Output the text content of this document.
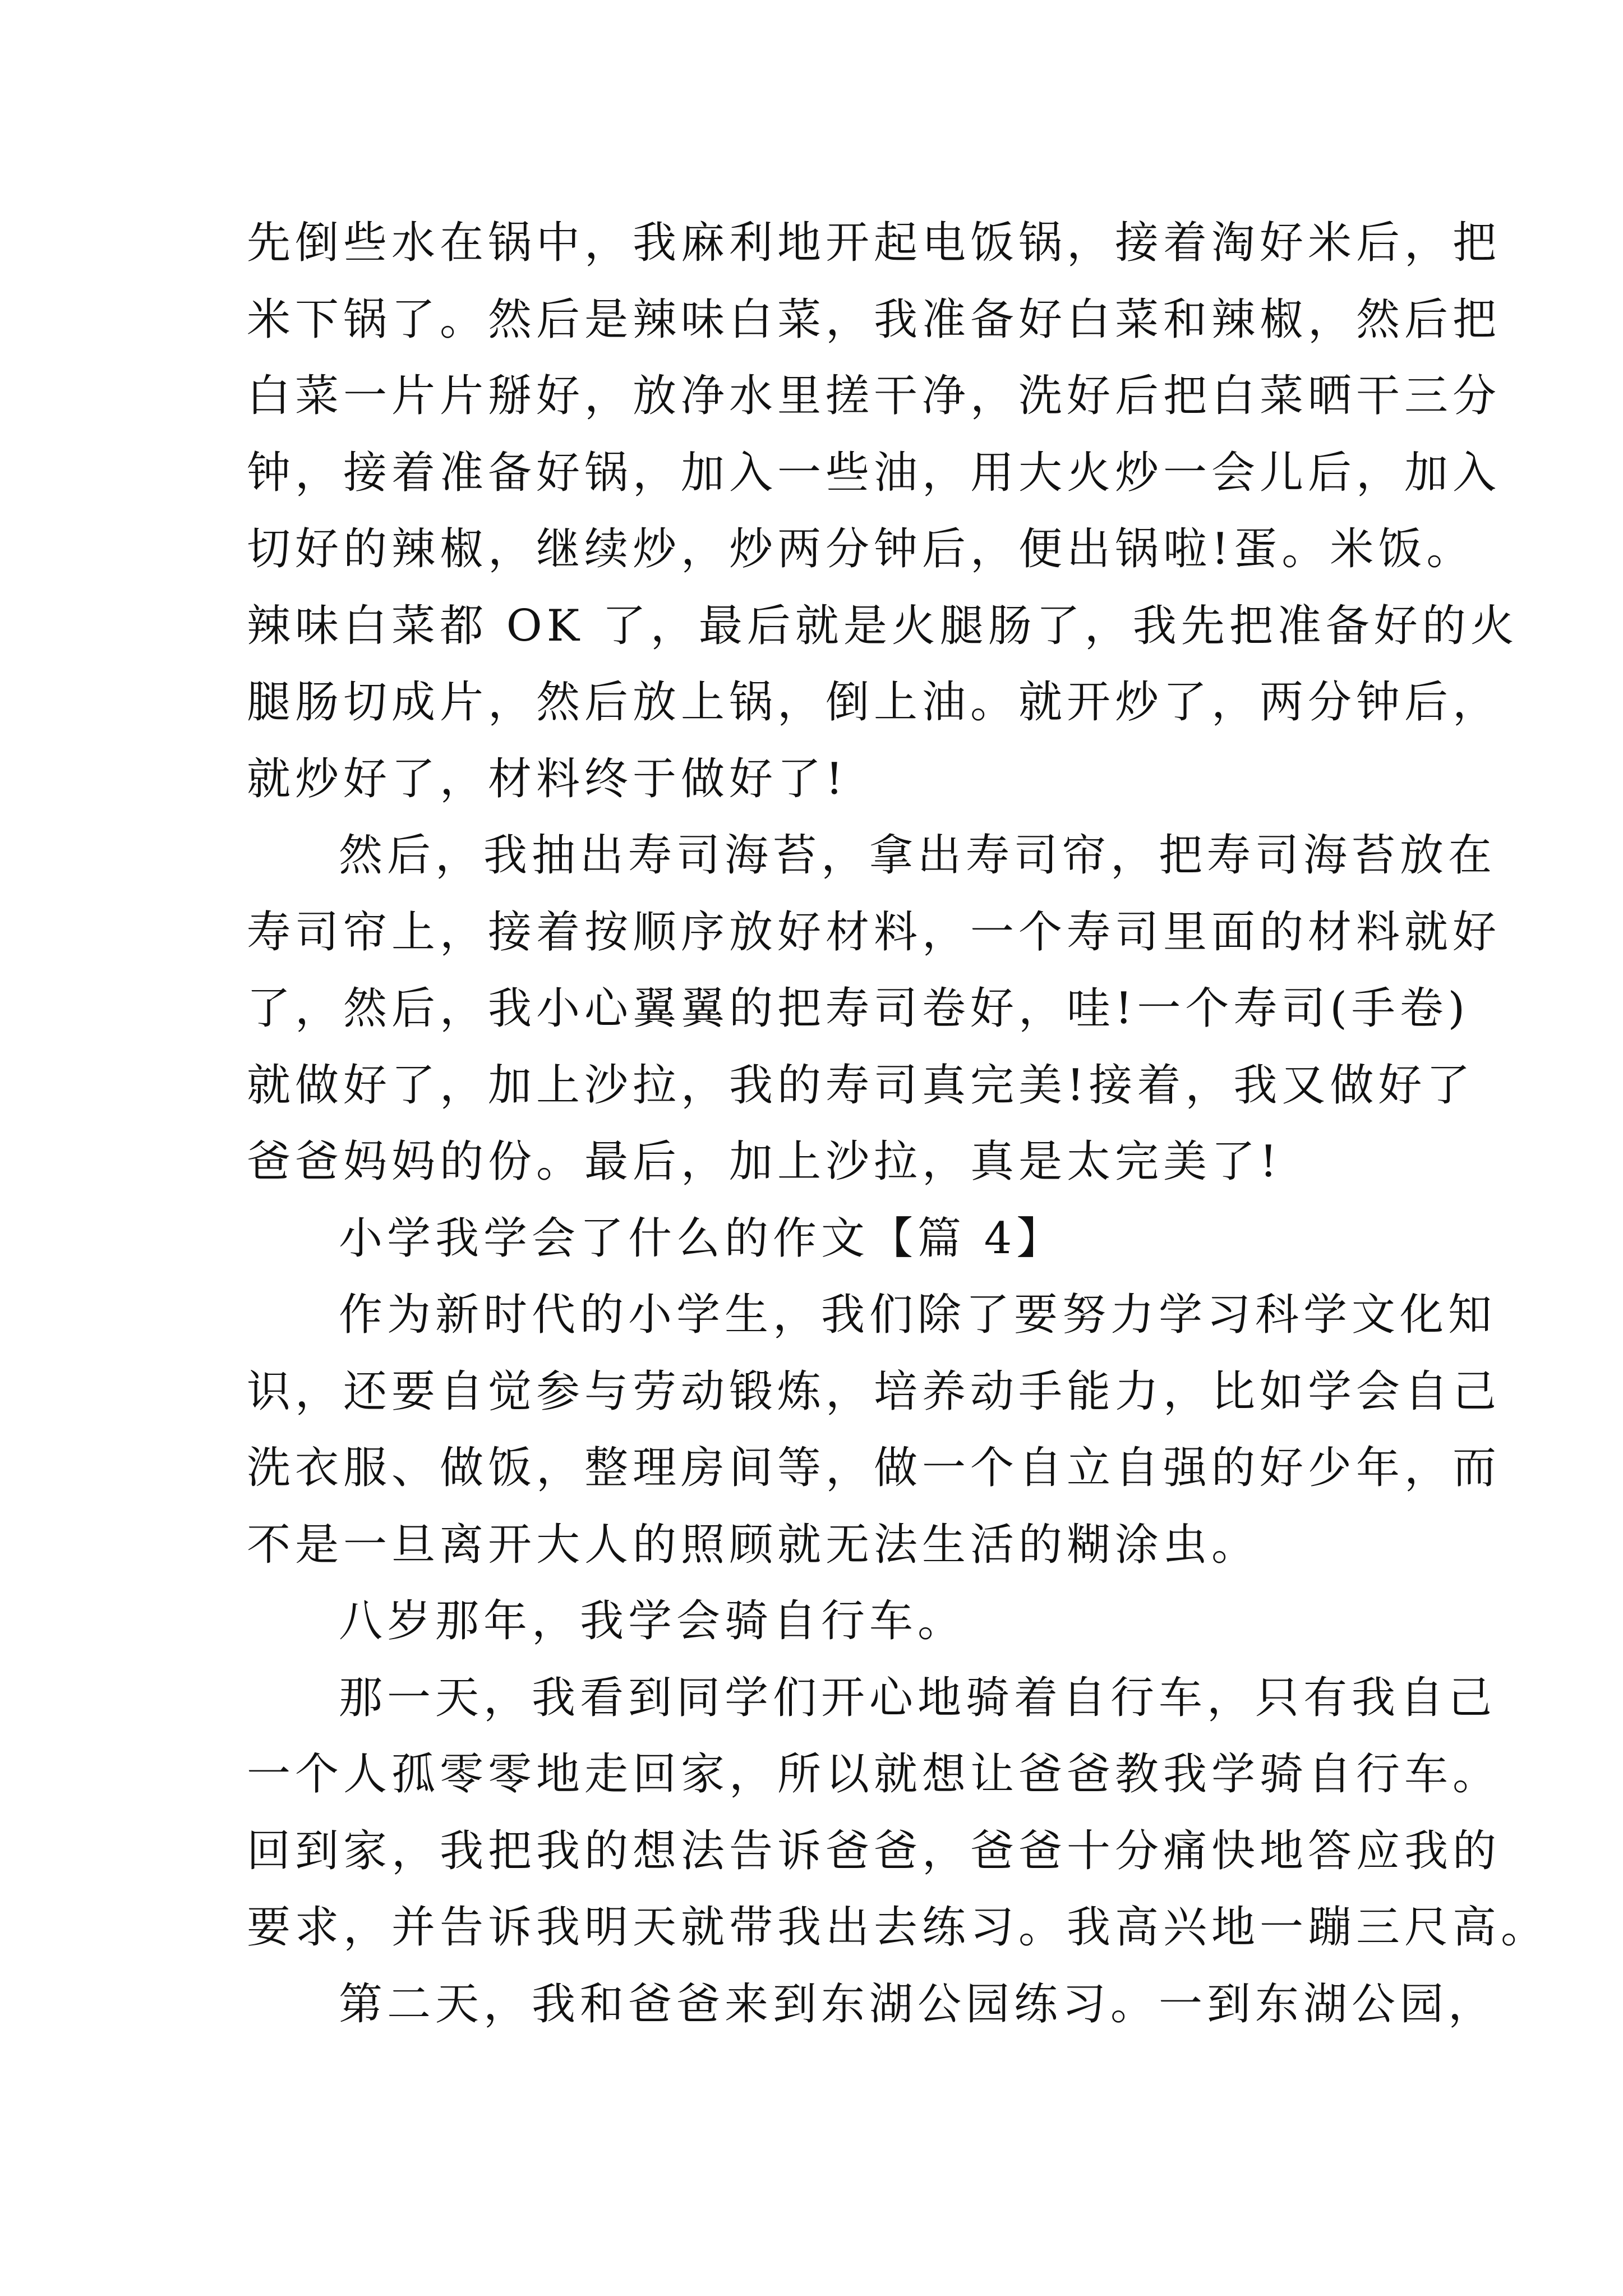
先倒些水在锅中，我麻利地开起电饭锅，接着淘好米后，把
米下锅了。然后是辣味白菜，我准备好白菜和辣椒，然后把
白菜一片片掰好，放净水里搓干净，洗好后把白菜晒干三分
钟，接着准备好锅，加入一些油，用大火炒一会儿后，加入
切好的辣椒，继续炒，炒两分钟后，便出锅啦!蛋。米饭。
辣味白菜都 OK 了，最后就是火腿肠了，我先把准备好的火
腿肠切成片，然后放上锅，倒上油。就开炒了，两分钟后，
就炒好了，材料终于做好了!
然后，我抽出寿司海苔，拿出寿司帘，把寿司海苔放在
寿司帘上，接着按顺序放好材料，一个寿司里面的材料就好
了，然后，我小心翼翼的把寿司卷好，哇!一个寿司(手卷)
就做好了，加上沙拉，我的寿司真完美!接着，我又做好了
爸爸妈妈的份。最后，加上沙拉，真是太完美了!
小学我学会了什么的作文【篇 4】
作为新时代的小学生，我们除了要努力学习科学文化知
识，还要自觉参与劳动锻炼，培养动手能力，比如学会自己
洗衣服、做饭，整理房间等，做一个自立自强的好少年，而
不是一旦离开大人的照顾就无法生活的糊涂虫。
八岁那年，我学会骑自行车。
那一天，我看到同学们开心地骑着自行车，只有我自己
一个人孤零零地走回家，所以就想让爸爸教我学骑自行车。
回到家，我把我的想法告诉爸爸，爸爸十分痛快地答应我的
要求，并告诉我明天就带我出去练习。我高兴地一蹦三尺高。
第二天，我和爸爸来到东湖公园练习。一到东湖公园，
